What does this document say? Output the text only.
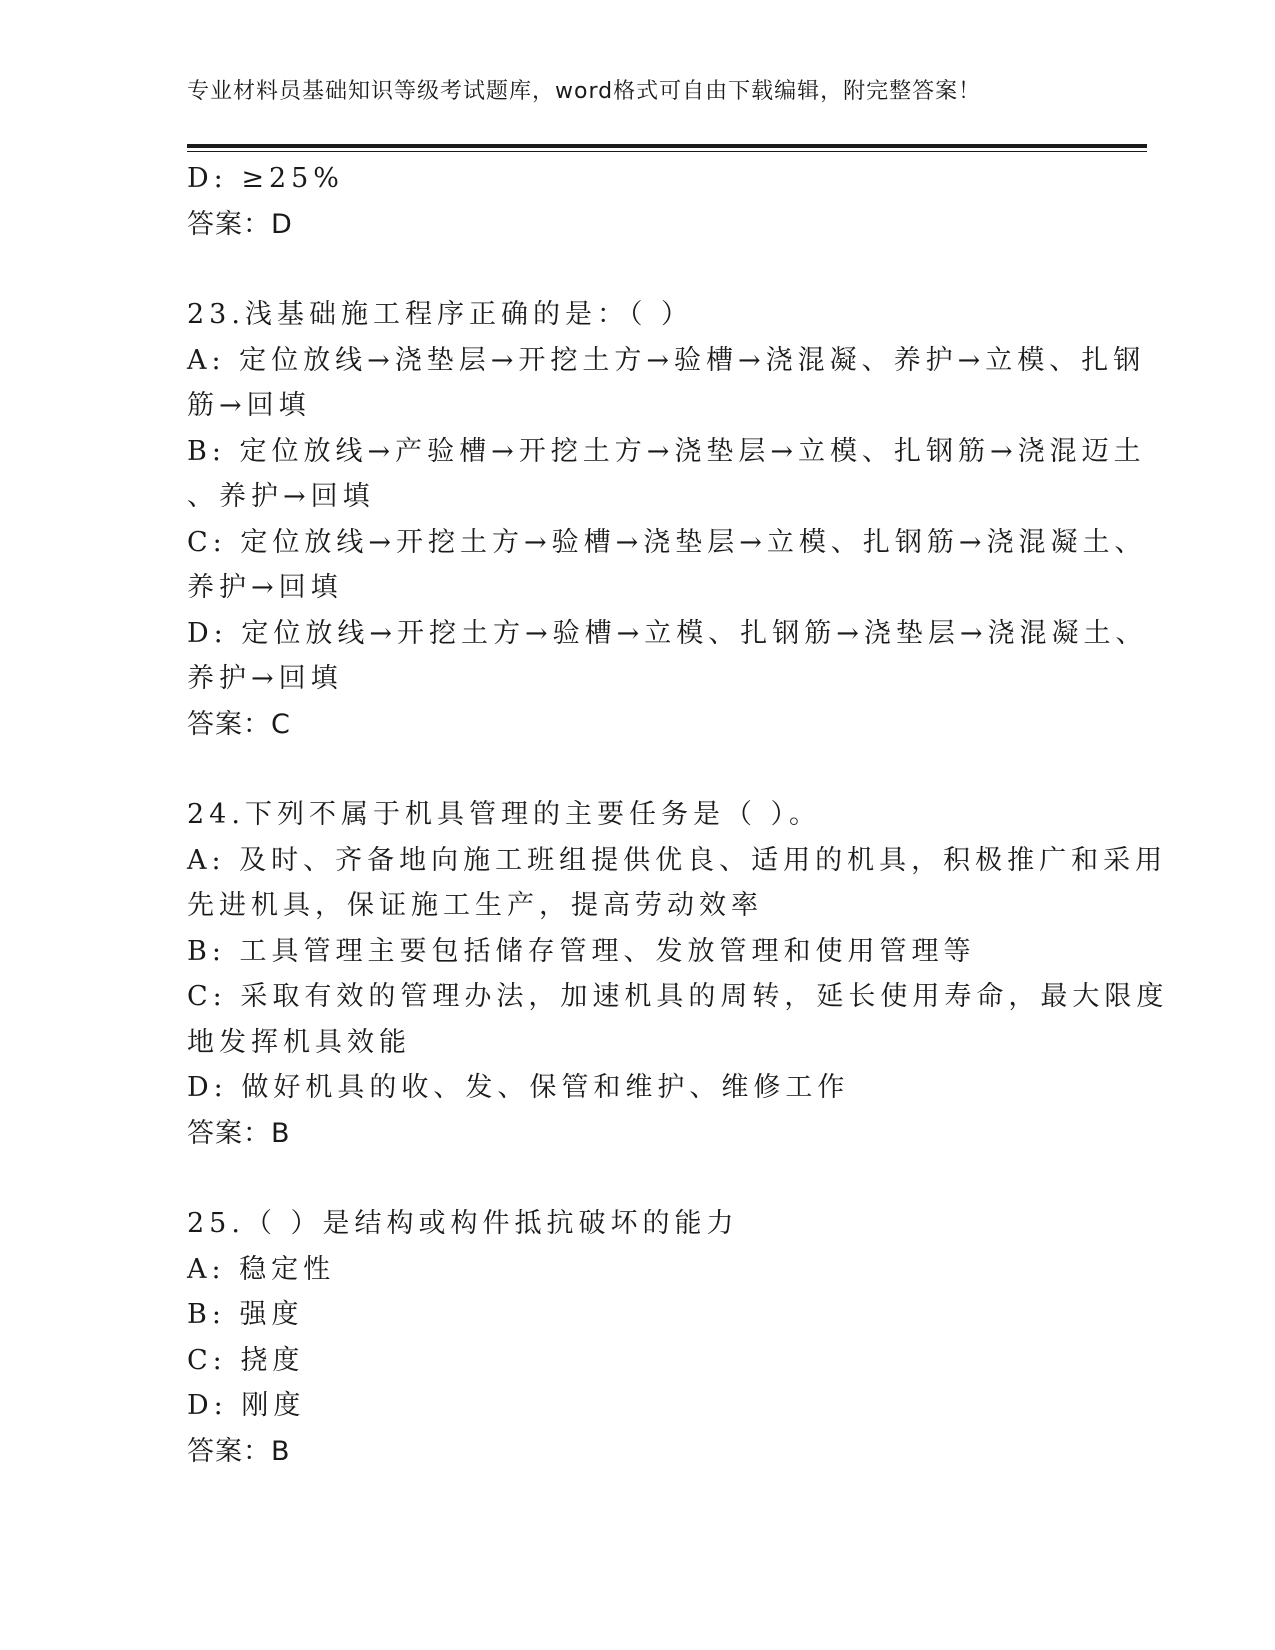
专业材料员基础知识等级考试题库，word格式可自由下载编辑，附完整答案！
D: ≥25%
答案：D
23.浅基础施工程序正确的是：（ ）
A: 定位放线→浇垫层→开挖土方→验槽→浇混凝、养护→立模、扎钢
筋→回填
B: 定位放线→产验槽→开挖土方→浇垫层→立模、扎钢筋→浇混迈土
、养护→回填
C: 定位放线→开挖土方→验槽→浇垫层→立模、扎钢筋→浇混凝土、
养护→回填
D: 定位放线→开挖土方→验槽→立模、扎钢筋→浇垫层→浇混凝土、
养护→回填
答案：C
24.下列不属于机具管理的主要任务是（ ）。
A: 及时、齐备地向施工班组提供优良、适用的机具，积极推广和采用
先进机具，保证施工生产，提高劳动效率
B: 工具管理主要包括储存管理、发放管理和使用管理等
C: 采取有效的管理办法，加速机具的周转，延长使用寿命，最大限度
地发挥机具效能
D: 做好机具的收、发、保管和维护、维修工作
答案：B
25.（ ）是结构或构件抵抗破坏的能力
A: 稳定性
B: 强度
C: 挠度
D: 刚度
答案：B
